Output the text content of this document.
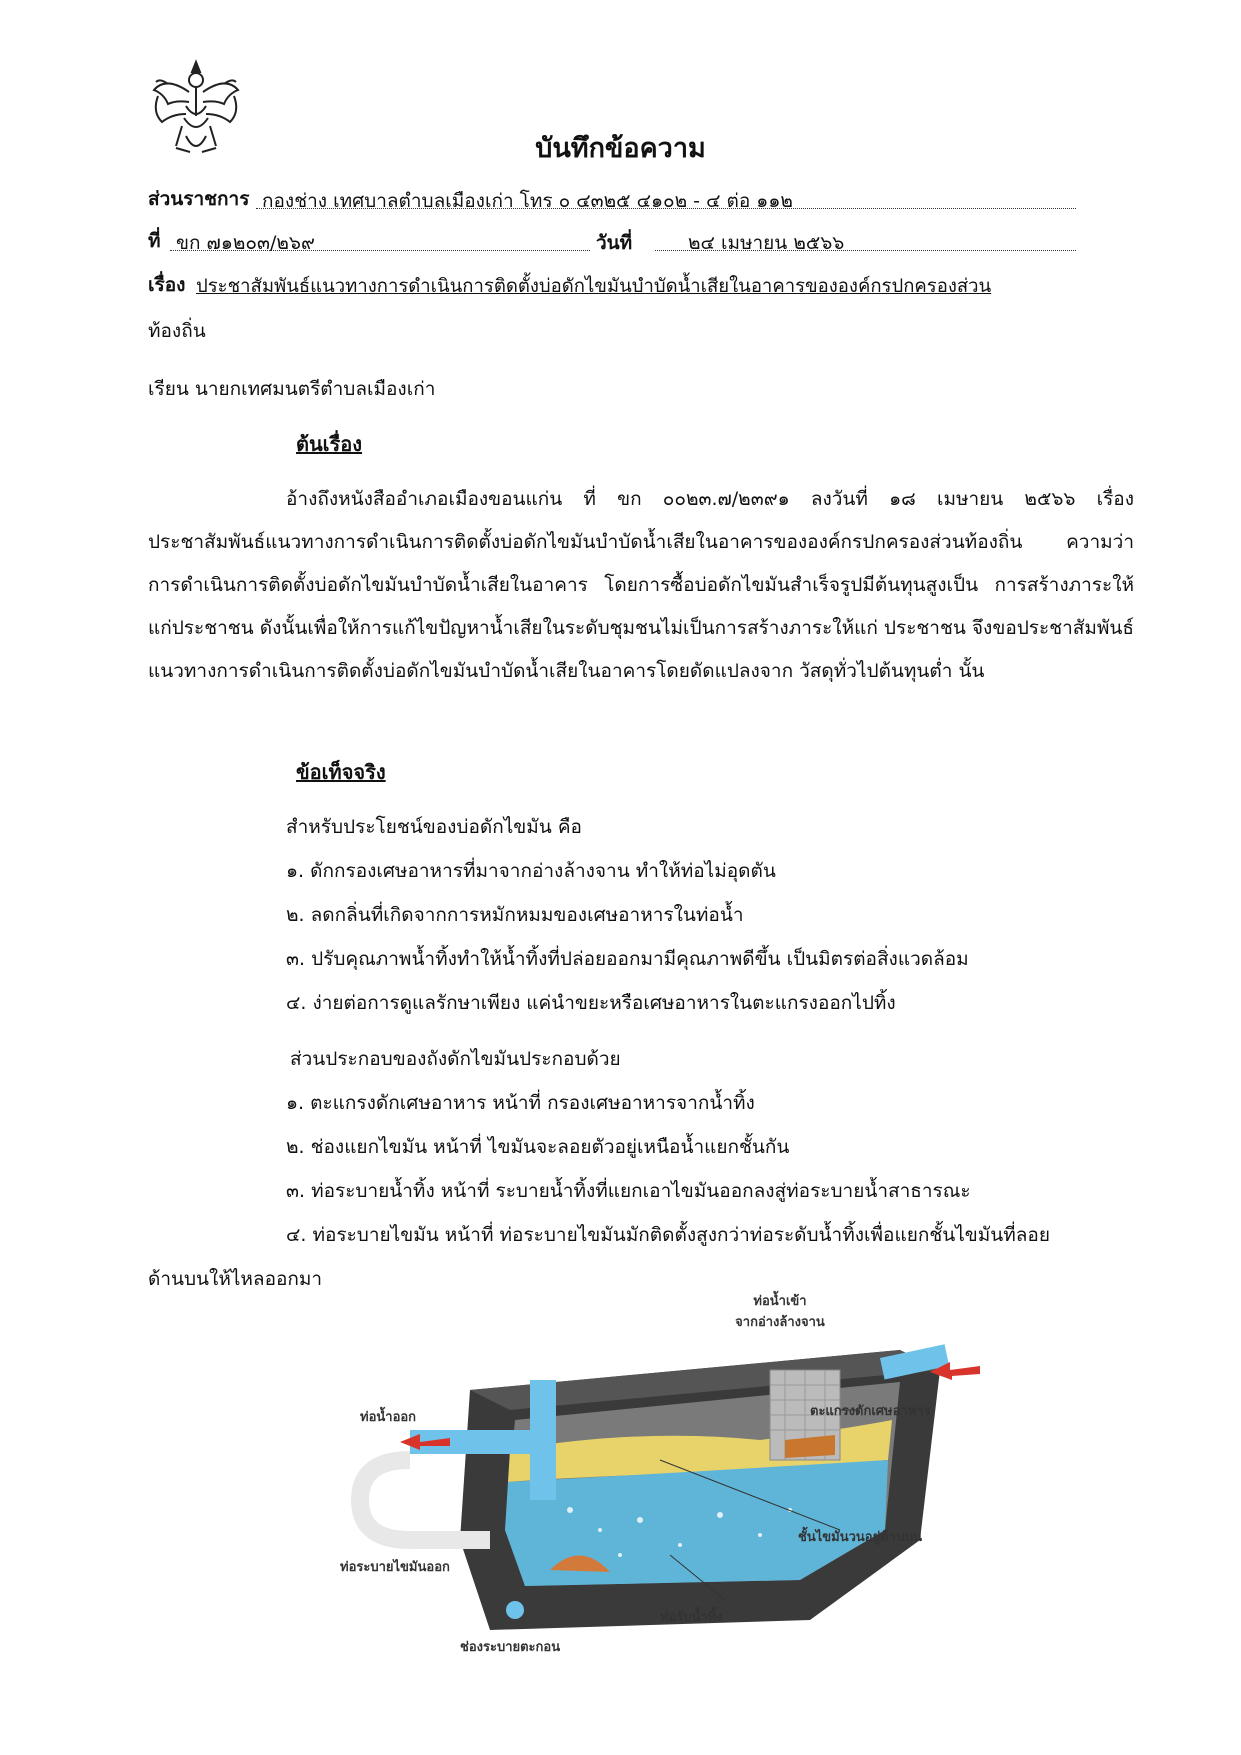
บันทึกข้อความ
ส่วนราชการ กองช่าง เทศบาลตำบลเมืองเก่า โทร ๐ ๔๓๒๕ ๔๑๐๒ - ๔ ต่อ ๑๑๒
ที่ ขก ๗๑๒๐๓/๒๖๙	วันที่	๒๔ เมษายน ๒๕๖๖
เรื่อง ประชาสัมพันธ์แนวทางการดำเนินการติดตั้งบ่อดักไขมันบำบัดน้ำเสียในอาคารขององค์กรปกครองส่วน
ท้องถิ่น
เรียน นายกเทศมนตรีตำบลเมืองเก่า
ต้นเรื่อง
อ้างถึงหนังสืออำเภอเมืองขอนแก่น ที่ ขก ๐๐๒๓.๗/๒๓๙๑ ลงวันที่ ๑๘ เมษายน ๒๕๖๖ เรื่อง ประชาสัมพันธ์แนวทางการดำเนินการติดตั้งบ่อดักไขมันบำบัดน้ำเสียในอาคารขององค์กรปกครองส่วนท้องถิ่น ความว่า การดำเนินการติดตั้งบ่อดักไขมันบำบัดน้ำเสียในอาคาร โดยการซื้อบ่อดักไขมันสำเร็จรูปมีต้นทุนสูงเป็น การสร้างภาระให้แก่ประชาชน ดังนั้นเพื่อให้การแก้ไขปัญหาน้ำเสียในระดับชุมชนไม่เป็นการสร้างภาระให้แก่ ประชาชน จึงขอประชาสัมพันธ์แนวทางการดำเนินการติดตั้งบ่อดักไขมันบำบัดน้ำเสียในอาคารโดยดัดแปลงจาก วัสดุทั่วไปต้นทุนต่ำ นั้น
ข้อเท็จจริง
สำหรับประโยชน์ของบ่อดักไขมัน คือ
๑. ดักกรองเศษอาหารที่มาจากอ่างล้างจาน ทำให้ท่อไม่อุดตัน
๒. ลดกลิ่นที่เกิดจากการหมักหมมของเศษอาหารในท่อน้ำ
๓. ปรับคุณภาพน้ำทิ้งทำให้น้ำทิ้งที่ปล่อยออกมามีคุณภาพดีขึ้น เป็นมิตรต่อสิ่งแวดล้อม
๔. ง่ายต่อการดูแลรักษาเพียง แค่นำขยะหรือเศษอาหารในตะแกรงออกไปทิ้ง
ส่วนประกอบของถังดักไขมันประกอบด้วย
๑. ตะแกรงดักเศษอาหาร หน้าที่ กรองเศษอาหารจากน้ำทิ้ง
๒. ช่องแยกไขมัน หน้าที่ ไขมันจะลอยตัวอยู่เหนือน้ำแยกชั้นกัน
๓. ท่อระบายน้ำทิ้ง หน้าที่ ระบายน้ำทิ้งที่แยกเอาไขมันออกลงสู่ท่อระบายน้ำสาธารณะ
๔. ท่อระบายไขมัน หน้าที่ ท่อระบายไขมันมักติดตั้งสูงกว่าท่อระดับน้ำทิ้งเพื่อแยกชั้นไขมันที่ลอย
ด้านบนให้ไหลออกมา
ท่อน้ำเข้า
จากอ่างล้างจาน
ท่อน้ำออก	ตะแกรงดักเศษอาหาร
ชั้นไขมันวนอยู่ด้านบน
ท่อระบายไขมันออก
ท่อรับน้ำทิ้ง
ช่องระบายตะกอน
